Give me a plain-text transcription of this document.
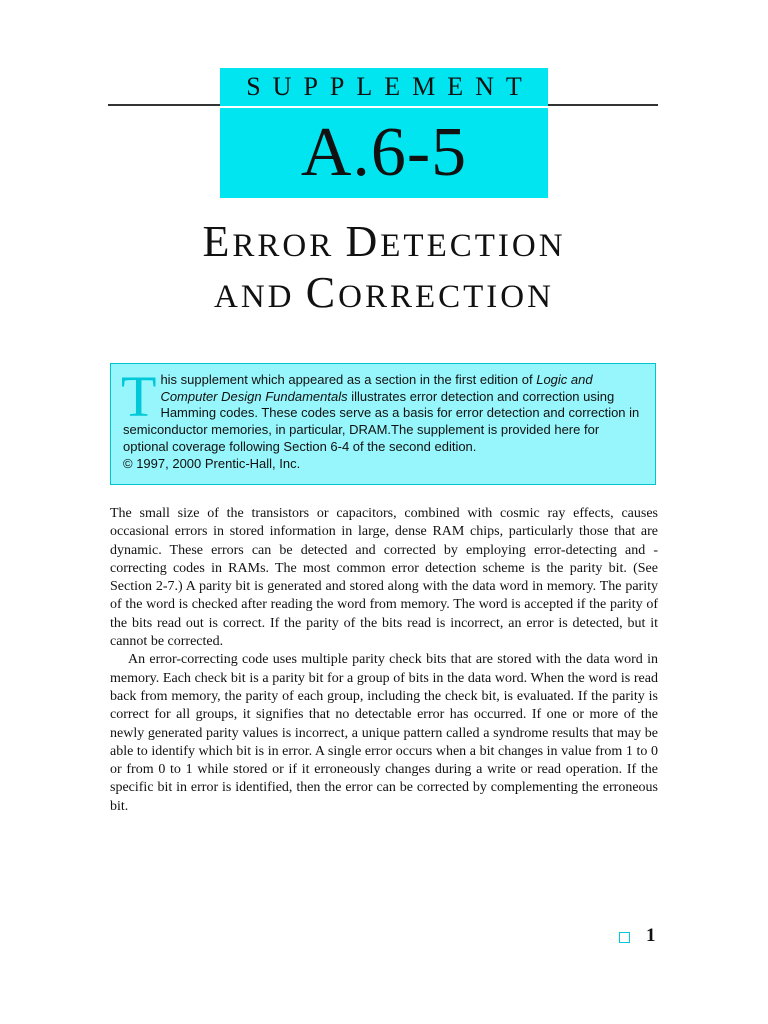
SUPPLEMENT
A.6-5
ERROR DETECTION
AND CORRECTION
This supplement which appeared as a section in the first edition of Logic and Computer Design Fundamentals illustrates error detection and correction using Hamming codes. These codes serve as a basis for error detection and correction in semiconductor memories, in particular, DRAM.The supplement is provided here for optional coverage following Section 6-4 of the second edition.
© 1997, 2000 Prentic-Hall, Inc.

The small size of the transistors or capacitors, combined with cosmic ray effects, causes occasional errors in stored information in large, dense RAM chips, particularly those that are dynamic. These errors can be detected and corrected by employing error-detecting and -correcting codes in RAMs. The most common error detection scheme is the parity bit. (See Section 2-7.) A parity bit is generated and stored along with the data word in memory. The parity of the word is checked after reading the word from memory. The word is accepted if the parity of the bits read out is correct. If the parity of the bits read is incorrect, an error is detected, but it cannot be corrected.

An error-correcting code uses multiple parity check bits that are stored with the data word in memory. Each check bit is a parity bit for a group of bits in the data word. When the word is read back from memory, the parity of each group, including the check bit, is evaluated. If the parity is correct for all groups, it signifies that no detectable error has occurred. If one or more of the newly generated parity values is incorrect, a unique pattern called a syndrome results that may be able to identify which bit is in error. A single error occurs when a bit changes in value from 1 to 0 or from 0 to 1 while stored or if it erroneously changes during a write or read operation. If the specific bit in error is identified, then the error can be corrected by complementing the erroneous bit.

1
